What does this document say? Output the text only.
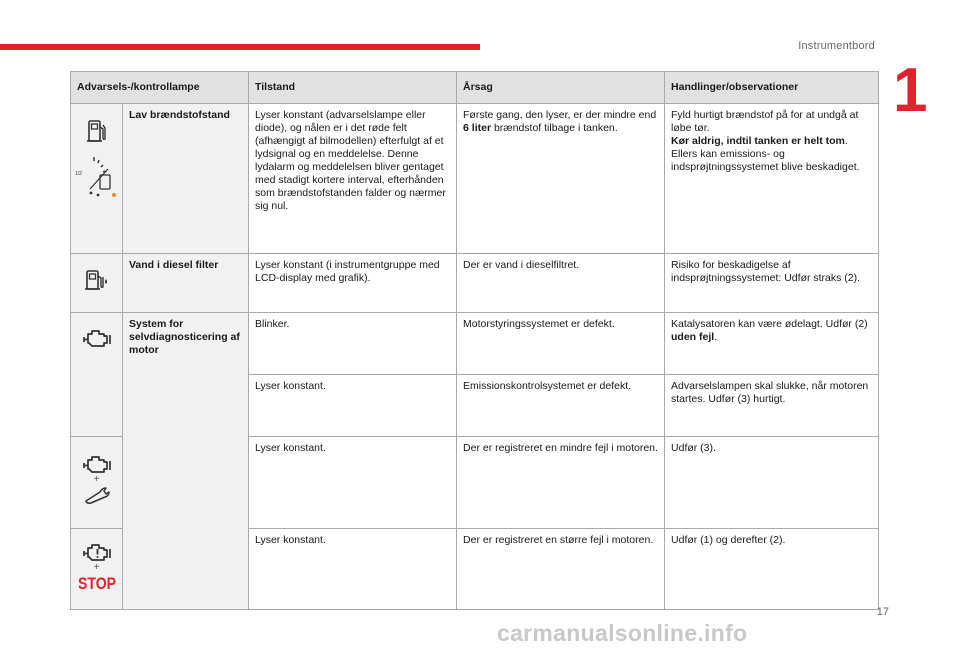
Instrumentbord
1
Advarsels-/kontrollampe		Tilstand	Årsag	Handlinger/observationer

1/2	Lav brændstofstand	Lyser konstant (advarselslampe eller diode), og nålen er i det røde felt (afhængigt af bilmodellen) efterfulgt af et lydsignal og en meddelelse. Denne lydalarm og meddelelsen bliver gentaget med stadigt kortere interval, efterhånden som brændstofstanden falder og nærmer sig nul.	Første gang, den lyser, er der mindre end 6 liter brændstof tilbage i tanken.	Fyld hurtigt brændstof på for at undgå at løbe tør.
Kør aldrig, indtil tanken er helt tom. Ellers kan emissions- og indsprøjtningssystemet blive beskadiget.

	Vand i diesel filter	Lyser konstant (i instrumentgruppe med LCD-display med grafik).	Der er vand i dieselfiltret.	Risiko for beskadigelse af indsprøjtningssystemet: Udfør straks (2).

	System for selvdiagnosticering af motor	Blinker.	Motorstyringssystemet er defekt.	Katalysatoren kan være ødelagt. Udfør (2) uden fejl.
		Lyser konstant.	Emissionskontrolsystemet er defekt.	Advarselslampen skal slukke, når motoren startes. Udfør (3) hurtigt.

+		Lyser konstant.	Der er registreret en mindre fejl i motoren.	Udfør (3).

+
STOP		Lyser konstant.	Der er registreret en større fejl i motoren.	Udfør (1) og derefter (2).
17
carmanualsonline.info
